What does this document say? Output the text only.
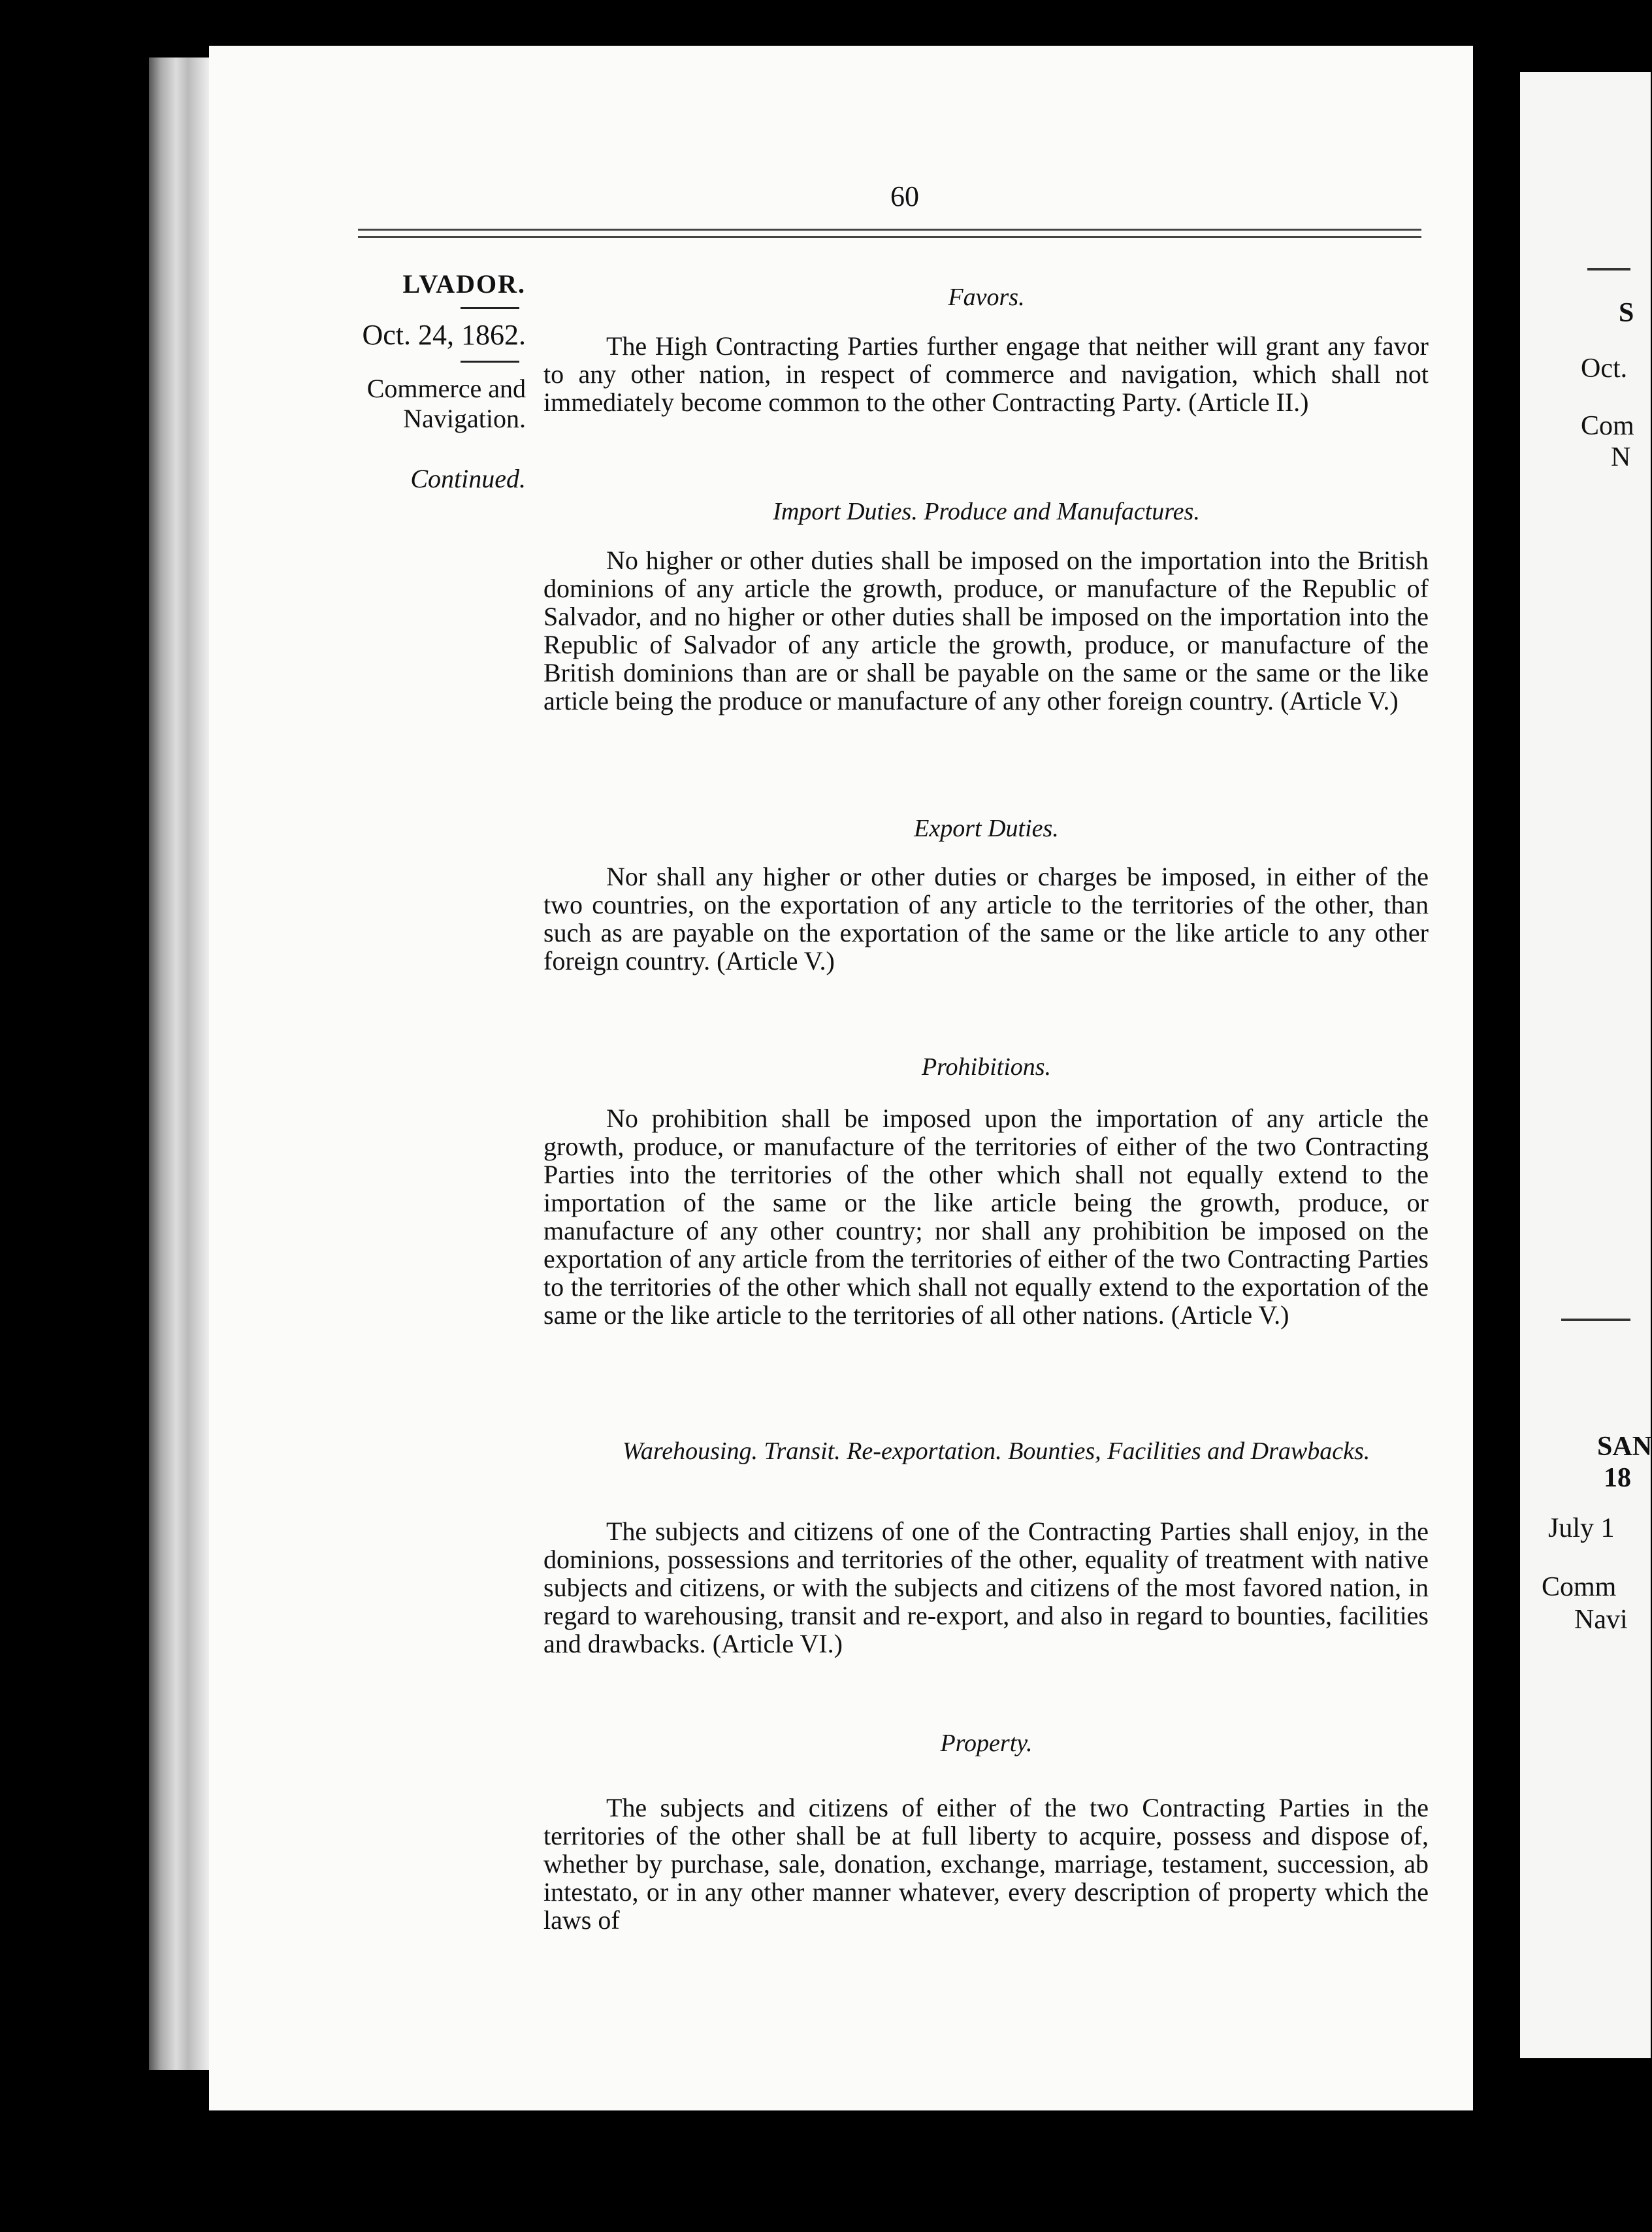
60
LVADOR.
Oct. 24, 1862.
Commerce and
Navigation.
Continued.
Favors.

The High Contracting Parties further engage that neither will grant any favor to any other nation, in respect of commerce and navigation, which shall not immediately become common to the other Contracting Party. (Article II.)

Import Duties. Produce and Manufactures.

No higher or other duties shall be imposed on the importation into the British dominions of any article the growth, produce, or manufacture of the Republic of Salvador, and no higher or other duties shall be imposed on the importation into the Republic of Salvador of any article the growth, produce, or manufacture of the British dominions than are or shall be payable on the same or the same or the like article being the produce or manufacture of any other foreign country. (Article V.)

Export Duties.

Nor shall any higher or other duties or charges be imposed, in either of the two countries, on the exportation of any article to the territories of the other, than such as are payable on the exportation of the same or the like article to any other foreign country. (Article V.)

Prohibitions.

No prohibition shall be imposed upon the importation of any article the growth, produce, or manufacture of the territories of either of the two Contracting Parties into the territories of the other which shall not equally extend to the importation of the same or the like article being the growth, produce, or manufacture of any other country; nor shall any prohibition be imposed on the exportation of any article from the territories of either of the two Contracting Parties to the territories of the other which shall not equally extend to the exportation of the same or the like article to the territories of all other nations. (Article V.)

Warehousing. Transit. Re-exportation. Bounties, Facilities and Drawbacks.

The subjects and citizens of one of the Contracting Parties shall enjoy, in the dominions, possessions and territories of the other, equality of treatment with native subjects and citizens, or with the subjects and citizens of the most favored nation, in regard to warehousing, transit and re-export, and also in regard to bounties, facilities and drawbacks. (Article VI.)

Property.

The subjects and citizens of either of the two Contracting Parties in the territories of the other shall be at full liberty to acquire, possess and dispose of, whether by purchase, sale, donation, exchange, marriage, testament, succession, ab intestato, or in any other manner whatever, every description of property which the laws of

S
Oct.
Com
N
SAN
18
July 1
Comm
Navi
